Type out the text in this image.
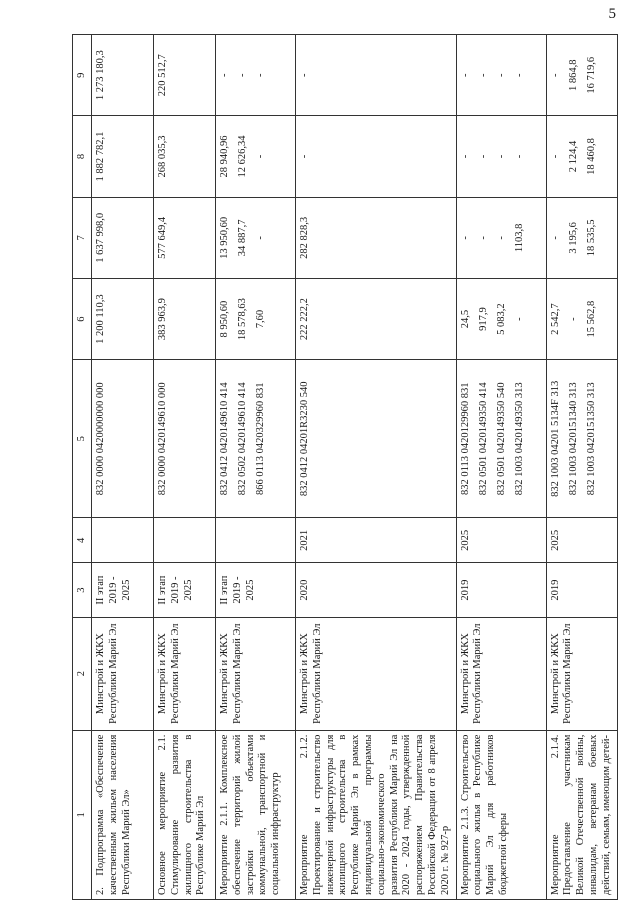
5
1	2	3	4	5	6	7	8	9
2. Подпрограмма «Обеспечение качественным жильем населения Республики Марий Эл»	Минстрой и ЖКХ Республики Марий Эл	II этап 2019 - 2025		832 0000 0420000000 000	1 200 110,3	1 637 998,0	1 882 782,1	1 273 180,3

Основное мероприятие 2.1. Стимулирование развития жилищного строительства в Республике Марий Эл	Минстрой и ЖКХ Республики Марий Эл	II этап 2019 - 2025		832 0000 0420149610 000	383 963,9	577 649,4	268 035,3	220 512,7

Мероприятие 2.1.1. Комплексное обеспечение территорий жилой застройки объектами коммунальной, транспортной и социальной инфраструктур	Минстрой и ЖКХ Республики Марий Эл	II этап 2019 - 2025		832 0412 0420149610 414 832 0502 0420149610 414 866 0113 0420329960 831	8 950,60 18 578,63 7,60	13 950,60 34 887,7 -	28 940,96 12 626,34 -	- - -

Мероприятие 2.1.2. Проектирование и строительство инженерной инфраструктуры для жилищного строительства в Республике Марий Эл в рамках индивидуальной программы социально-экономического развития Республики Марий Эл на 2020 - 2024 годы, утвержденной распоряжением Правительства Российской Федерации от 8 апреля 2020 г. № 927-р	Минстрой и ЖКХ Республики Марий Эл	2020	2021	832 0412 04201R3230 540	222 222,2	282 828,3	-	-

Мероприятие 2.1.3. Строительство социального жилья в Республике Марий Эл для работников бюджетной сферы	Минстрой и ЖКХ Республики Марий Эл	2019	2025	832 0113 0420129960 831 832 0501 0420149350 414 832 0501 0420149350 540 832 1003 0420149350 313	24,5 917,9 5 083,2 -	- - - 1103,8	- - - -	- - - -

Мероприятие 2.1.4. Предоставление участникам Великой Отечественной войны, инвалидам, ветеранам боевых действий, семьям, имеющим детей-	Минстрой и ЖКХ Республики Марий Эл	2019	2025	832 1003 04201 5134F 313 832 1003 0420151340 313 832 1003 0420151350 313	2 542,7 - 15 562,8	- 3 195,6 18 535,5	- 2 124,4 18 460,8	- 1 864,8 16 719,6
